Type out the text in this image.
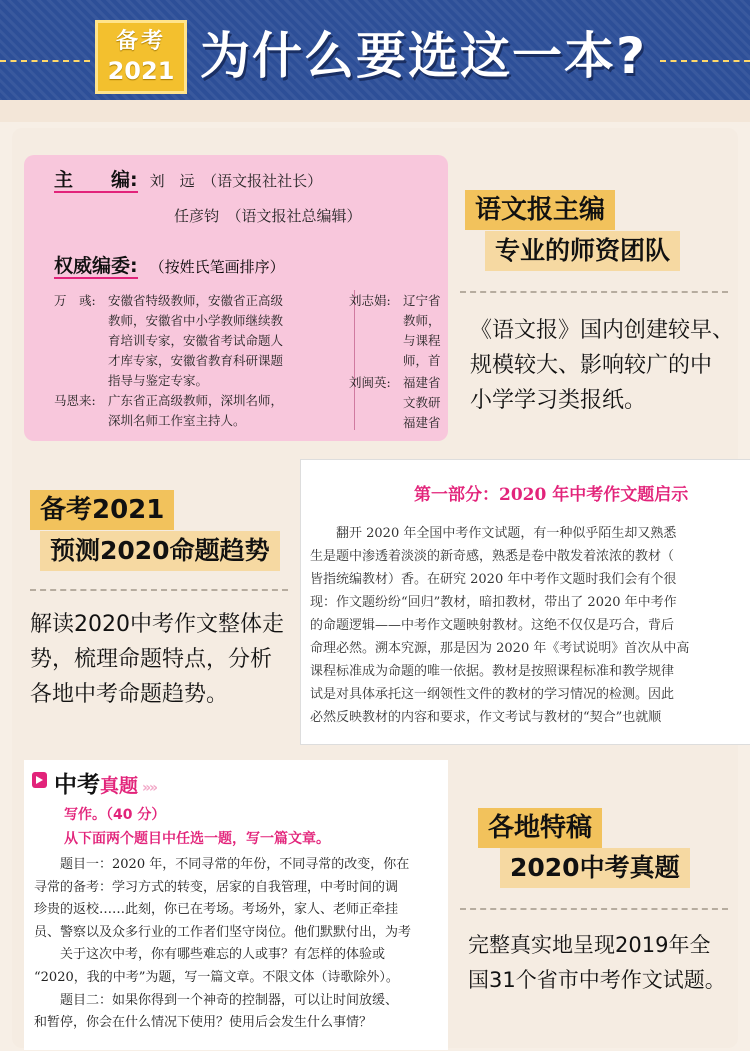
备考
2021 为什么要选这一本?
主　　编: 刘　远　（语文报社社长）
任彦钧　（语文报社总编辑）
权威编委: （按姓氏笔画排序）
万　彧: 安徽省特级教师，安徽省正高级
教师，安徽省中小学教师继续教
育培训专家，安徽省考试命题人
才库专家，安徽省教育科研课题
指导与鉴定专家。
马恩来: 广东省正高级教师，深圳名师，
深圳名师工作室主持人。
刘志娟: 辽宁省
教师，
与课程
师，首
刘闽英: 福建省
文教研
福建省
语文报主编
专业的师资团队
《语文报》国内创建较早、
规模较大、影响较广的中
小学学习类报纸。
备考2021
预测2020命题趋势
解读2020中考作文整体走
势，梳理命题特点，分析
各地中考命题趋势。
第一部分：2020 年中考作文题启示
　　翻开 2020 年全国中考作文试题，有一种似乎陌生却又熟悉
生是题中渗透着淡淡的新奇感，熟悉是卷中散发着浓浓的教材（
皆指统编教材）香。在研究 2020 年中考作文题时我们会有个很
现：作文题纷纷“回归”教材，暗扣教材，带出了 2020 年中考作
的命题逻辑——中考作文题映射教材。这绝不仅仅是巧合，背后
命理必然。溯本究源，那是因为 2020 年《考试说明》首次从中高
课程标准成为命题的唯一依据。教材是按照课程标准和教学规律
试是对具体承托这一纲领性文件的教材的学习情况的检测。因此
必然反映教材的内容和要求，作文考试与教材的“契合”也就顺
中考真题 »»
写作。（40 分）
从下面两个题目中任选一题，写一篇文章。
　　题目一：2020 年，不同寻常的年份，不同寻常的改变，你在
寻常的备考：学习方式的转变，居家的自我管理，中考时间的调
珍贵的返校……此刻，你已在考场。考场外，家人、老师正牵挂
员、警察以及众多行业的工作者们坚守岗位。他们默默付出，为考
　　关于这次中考，你有哪些难忘的人或事？有怎样的体验或
“2020，我的中考”为题，写一篇文章。不限文体（诗歌除外）。
　　题目二：如果你得到一个神奇的控制器，可以让时间放缓、
和暂停，你会在什么情况下使用？使用后会发生什么事情？
各地特稿
2020中考真题
完整真实地呈现2019年全
国31个省市中考作文试题。
